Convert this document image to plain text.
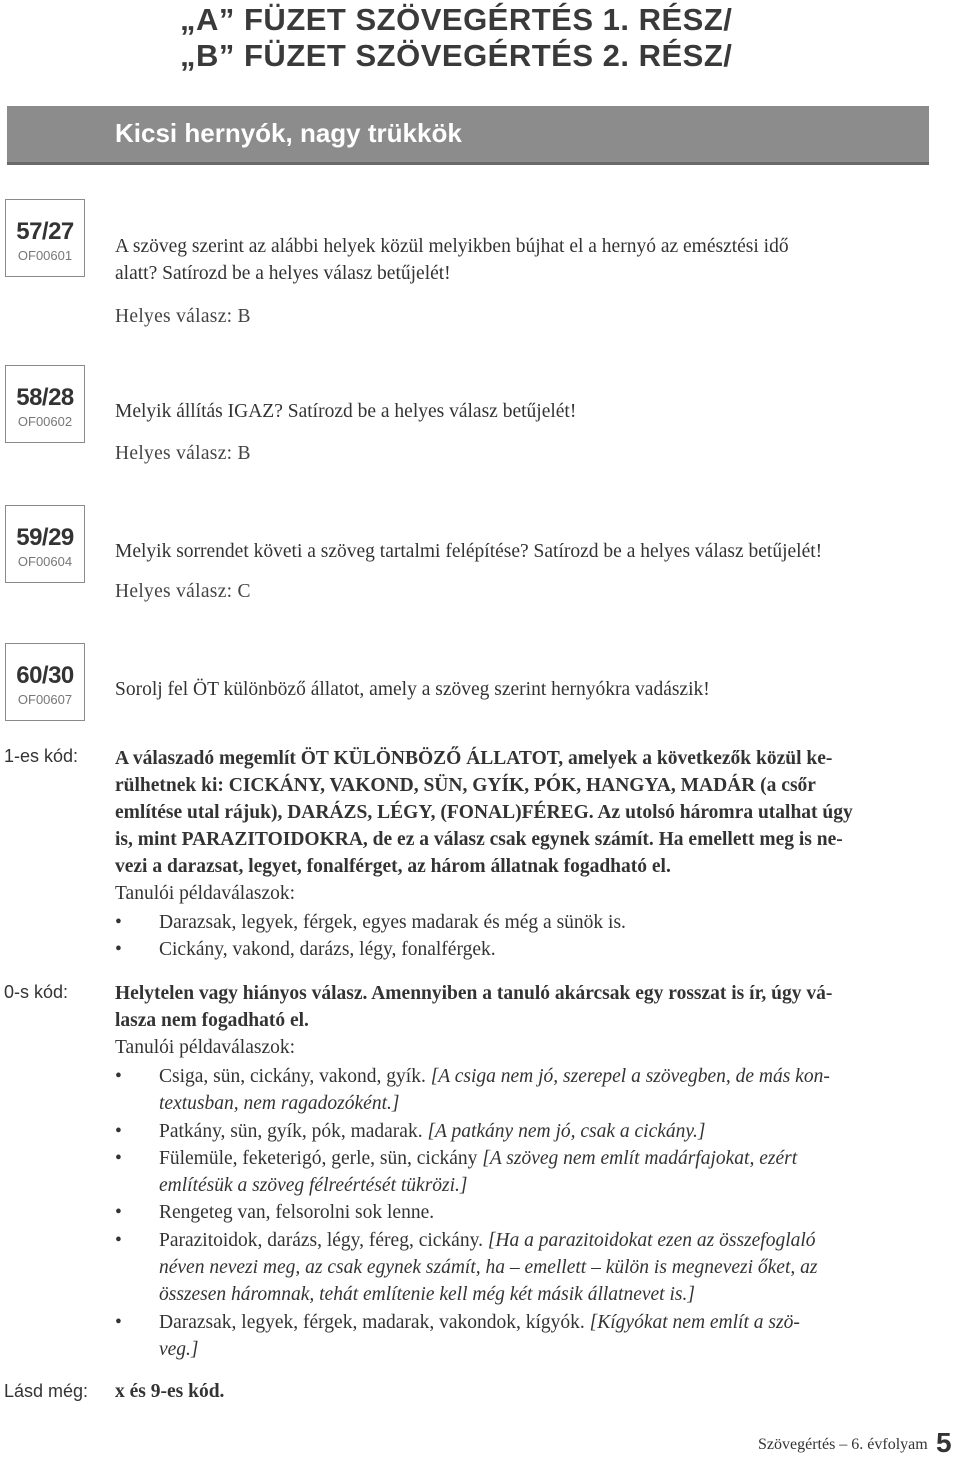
„A” FÜZET SZÖVEGÉRTÉS 1. RÉSZ/
„B” FÜZET SZÖVEGÉRTÉS 2. RÉSZ/
Kicsi hernyók, nagy trükkök
57/27
OF00601	A szöveg szerint az alábbi helyek közül melyikben bújhat el a hernyó az emésztési idő
alatt? Satírozd be a helyes válasz betűjelét!
Helyes válasz: B
58/28
OF00602	Melyik állítás IGAZ? Satírozd be a helyes válasz betűjelét!
Helyes válasz: B
59/29
OF00604	Melyik sorrendet követi a szöveg tartalmi felépítése? Satírozd be a helyes válasz betűjelét!
Helyes válasz: C
60/30
OF00607	Sorolj fel ÖT különböző állatot, amely a szöveg szerint hernyókra vadászik!
1-es kód: A válaszadó megemlít ÖT KÜLÖNBÖZŐ ÁLLATOT, amelyek a következők közül ke-
rülhetnek ki: CICKÁNY, VAKOND, SÜN, GYÍK, PÓK, HANGYA, MADÁR (a csőr
említése utal rájuk), DARÁZS, LÉGY, (FONAL)FÉREG. Az utolsó háromra utalhat úgy
is, mint PARAZITOIDOKRA, de ez a válasz csak egynek számít. Ha emellett meg is ne-
vezi a darazsat, legyet, fonalférget, az három állatnak fogadható el.
Tanulói példaválaszok:
• Darazsak, legyek, férgek, egyes madarak és még a sünök is.
• Cickány, vakond, darázs, légy, fonalférgek.
0-s kód: Helytelen vagy hiányos válasz. Amennyiben a tanuló akárcsak egy rosszat is ír, úgy vá-
lasza nem fogadható el.
Tanulói példaválaszok:
• Csiga, sün, cickány, vakond, gyík. [A csiga nem jó, szerepel a szövegben, de más kon-
textusban, nem ragadozóként.]
• Patkány, sün, gyík, pók, madarak. [A patkány nem jó, csak a cickány.]
• Fülemüle, feketerigó, gerle, sün, cickány [A szöveg nem említ madárfajokat, ezért
említésük a szöveg félreértését tükrözi.]
• Rengeteg van, felsorolni sok lenne.
• Parazitoidok, darázs, légy, féreg, cickány. [Ha a parazitoidokat ezen az összefoglaló
néven nevezi meg, az csak egynek számít, ha – emellett – külön is megnevezi őket, az
összesen háromnak, tehát említenie kell még két másik állatnevet is.]
• Darazsak, legyek, férgek, madarak, vakondok, kígyók. [Kígyókat nem említ a szö-
veg.]
Lásd még: x és 9-es kód.
Szövegértés – 6. évfolyam 5
